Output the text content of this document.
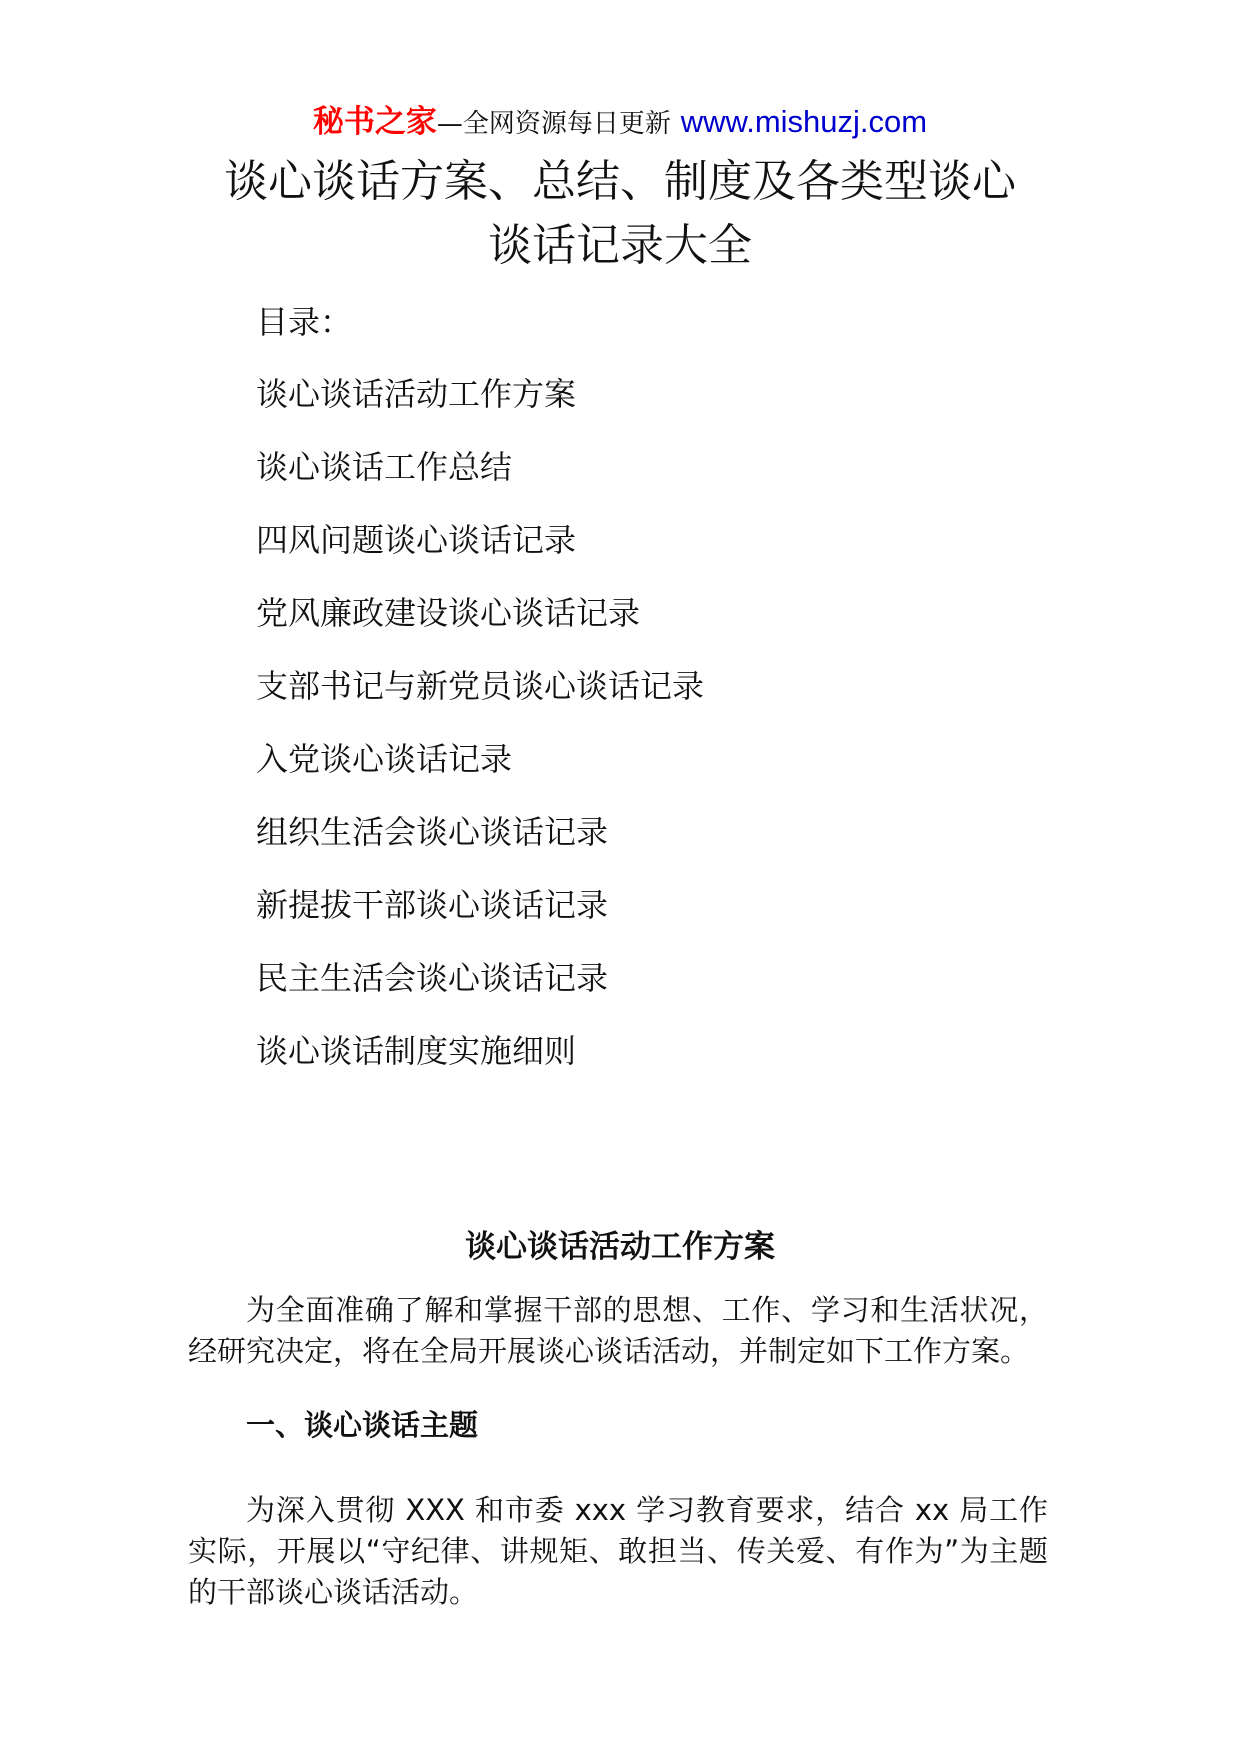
秘书之家—全网资源每日更新 www.mishuzj.com
谈心谈话方案、总结、制度及各类型谈心
谈话记录大全
目录：
谈心谈话活动工作方案
谈心谈话工作总结
四风问题谈心谈话记录
党风廉政建设谈心谈话记录
支部书记与新党员谈心谈话记录
入党谈心谈话记录
组织生活会谈心谈话记录
新提拔干部谈心谈话记录
民主生活会谈心谈话记录
谈心谈话制度实施细则
谈心谈话活动工作方案

为全面准确了解和掌握干部的思想、工作、学习和生活状况，经研究决定，将在全局开展谈心谈话活动，并制定如下工作方案。

一、谈心谈话主题

为深入贯彻 XXX 和市委 xxx 学习教育要求，结合 xx 局工作实际，开展以“守纪律、讲规矩、敢担当、传关爱、有作为”为主题的干部谈心谈话活动。
